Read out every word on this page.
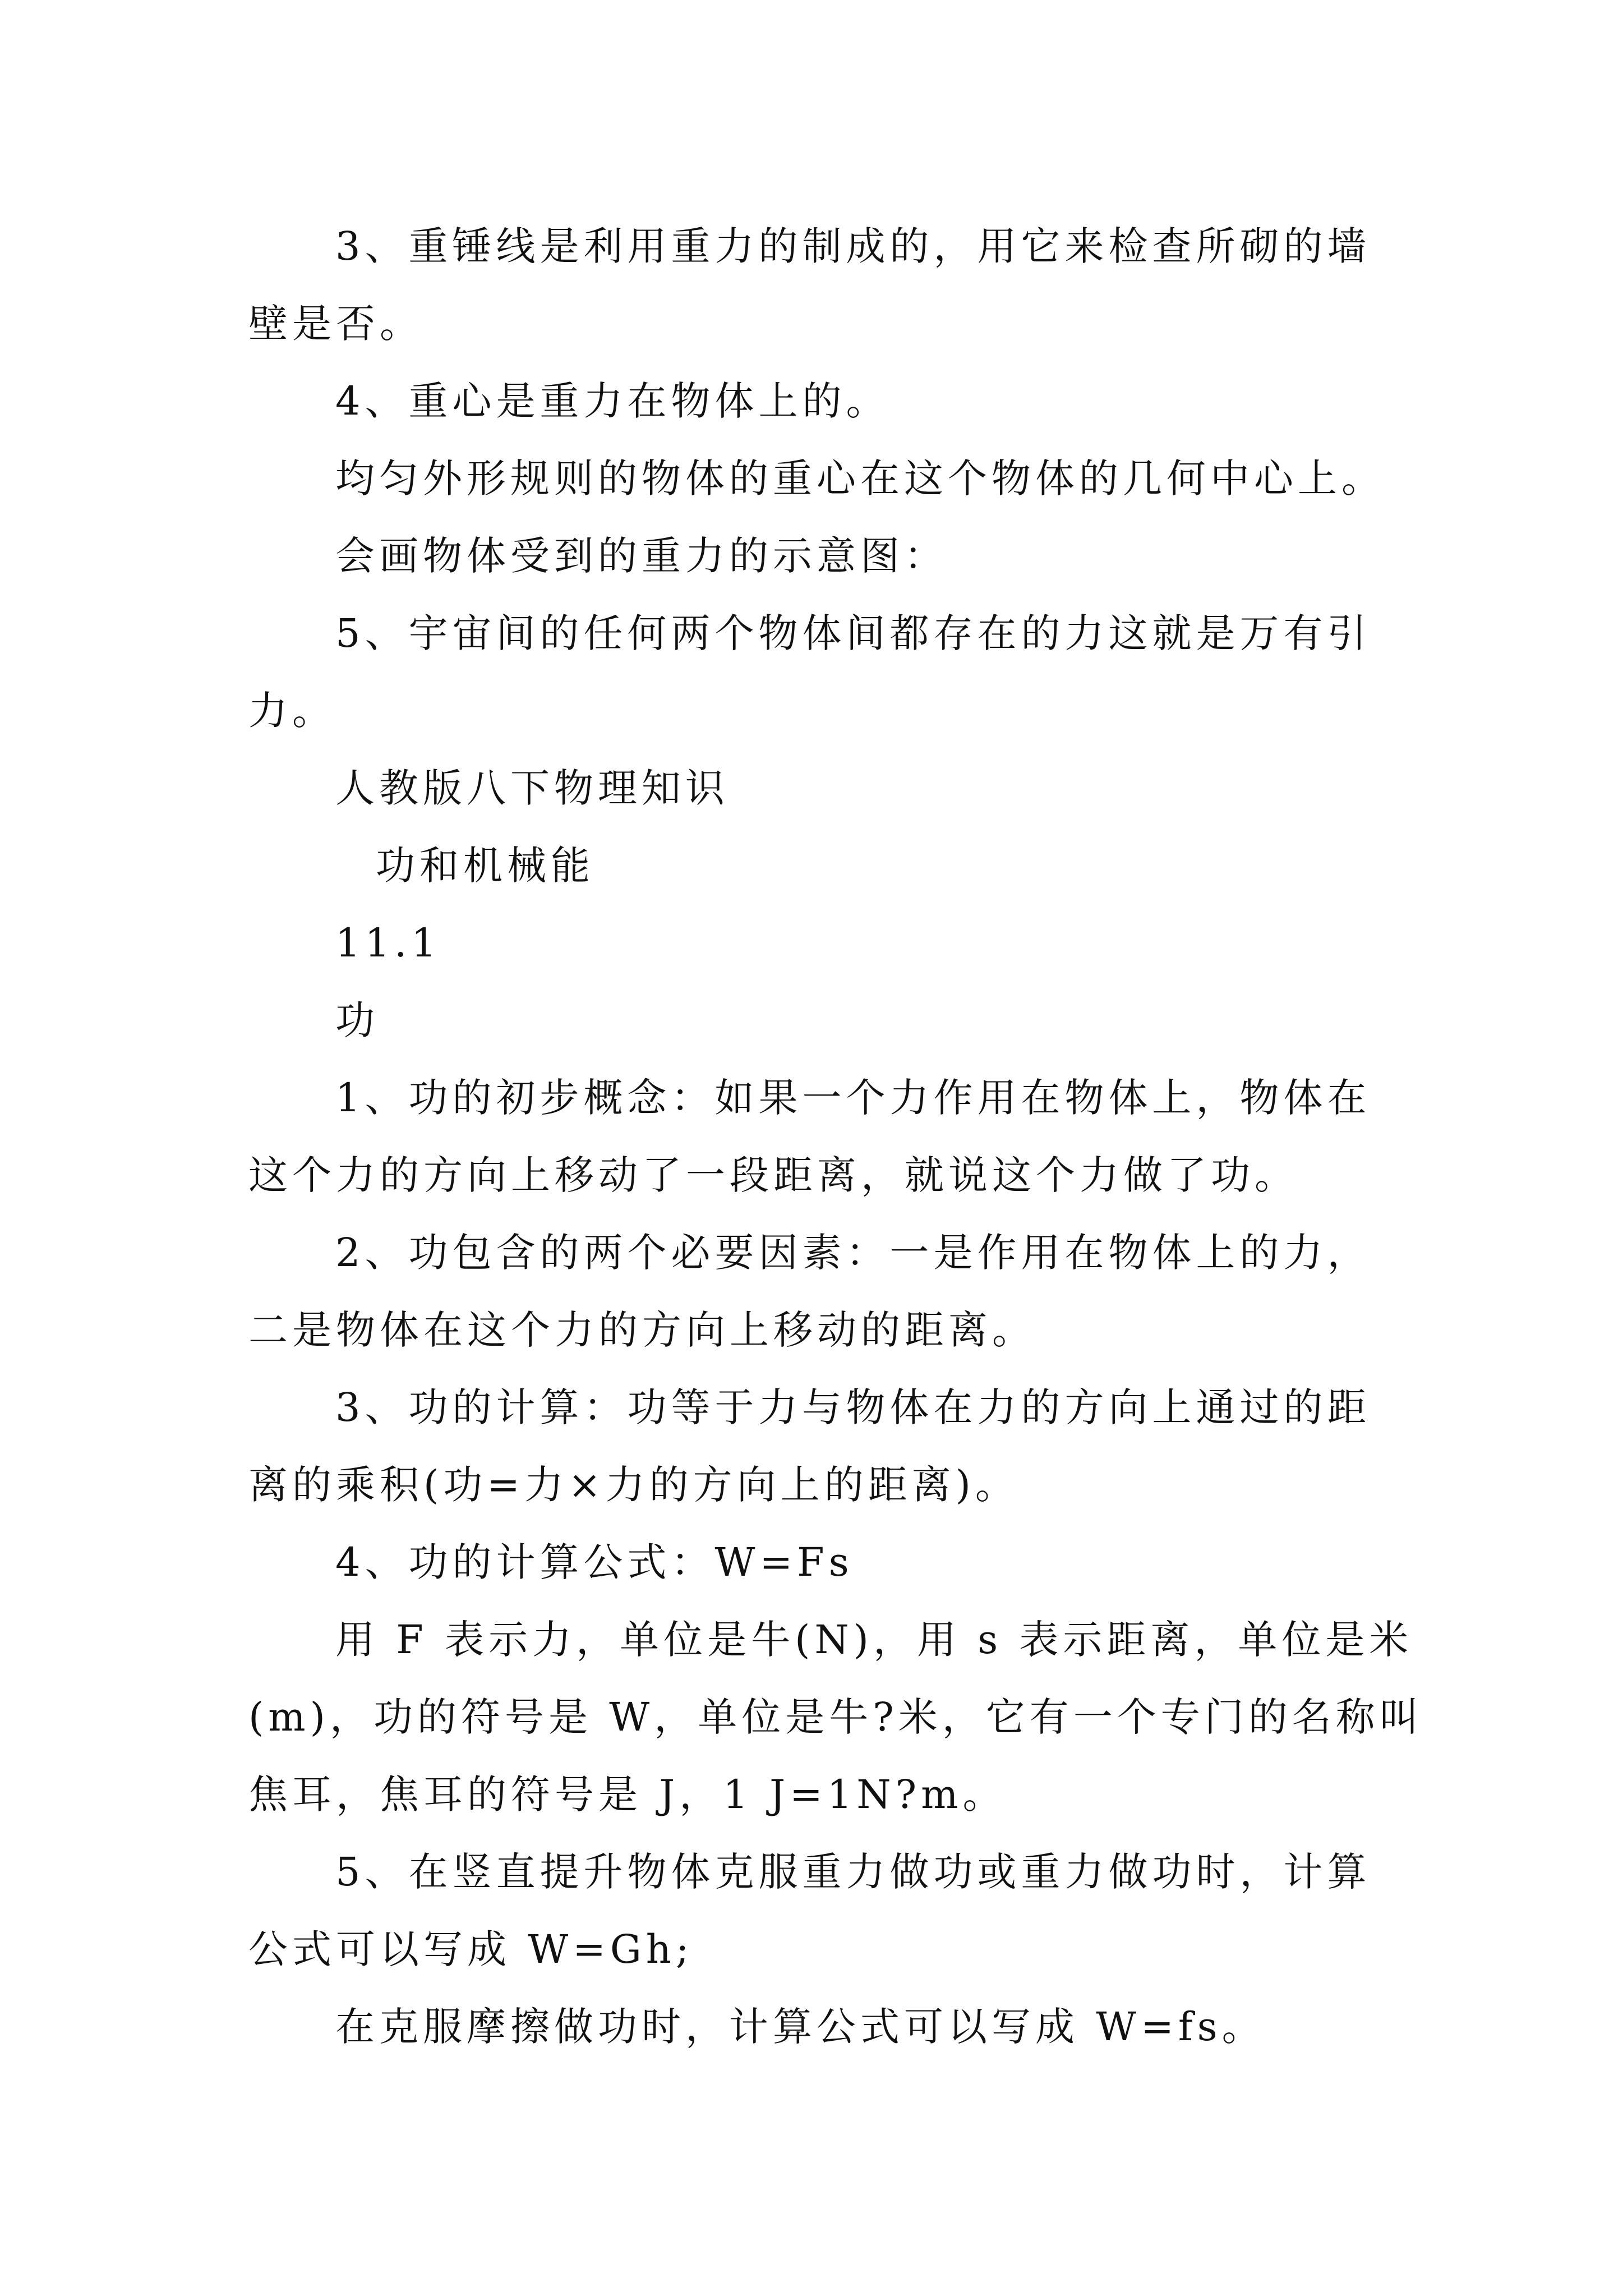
3、重锤线是利用重力的制成的，用它来检查所砌的墙
壁是否。
4、重心是重力在物体上的。
均匀外形规则的物体的重心在这个物体的几何中心上。
会画物体受到的重力的示意图：
5、宇宙间的任何两个物体间都存在的力这就是万有引
力。
人教版八下物理知识
功和机械能
11.1
功
1、功的初步概念：如果一个力作用在物体上，物体在
这个力的方向上移动了一段距离，就说这个力做了功。
2、功包含的两个必要因素：一是作用在物体上的力，
二是物体在这个力的方向上移动的距离。
3、功的计算：功等于力与物体在力的方向上通过的距
离的乘积(功=力×力的方向上的距离)。
4、功的计算公式：W=Fs
用 F 表示力，单位是牛(N)，用 s 表示距离，单位是米
(m)，功的符号是 W，单位是牛?米，它有一个专门的名称叫
焦耳，焦耳的符号是 J，1 J=1N?m。
5、在竖直提升物体克服重力做功或重力做功时，计算
公式可以写成 W=Gh;
在克服摩擦做功时，计算公式可以写成 W=fs。
